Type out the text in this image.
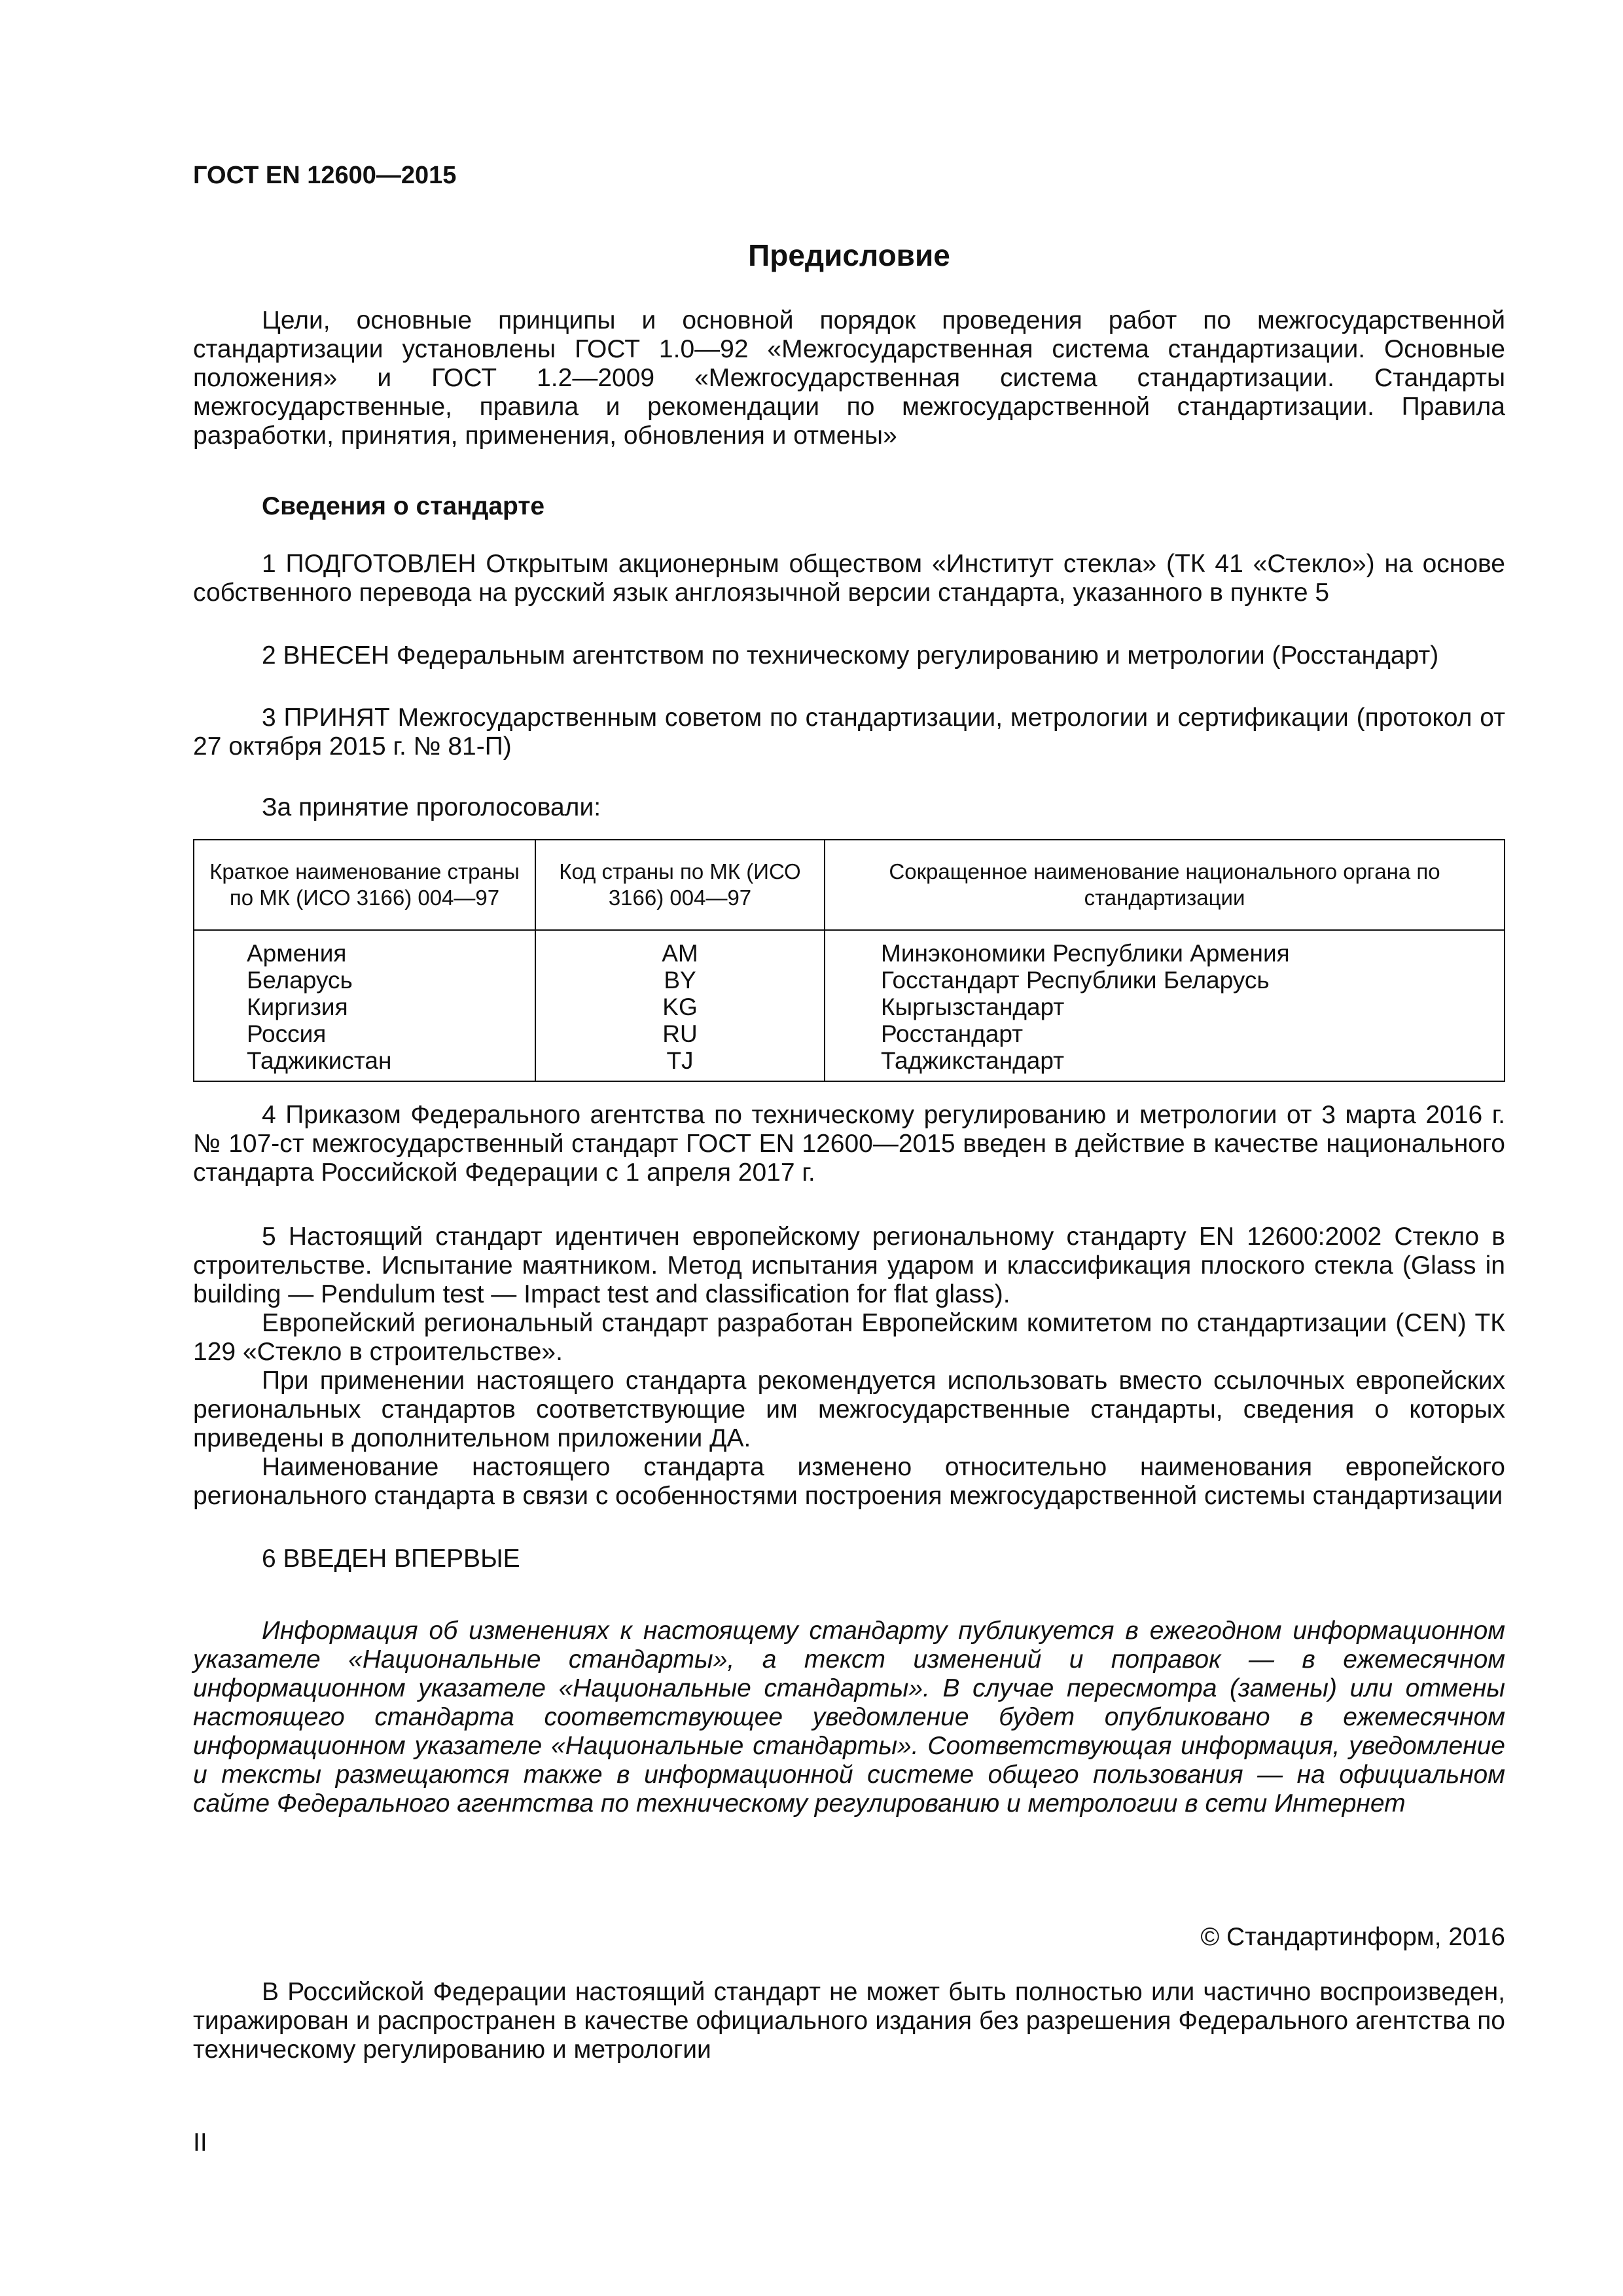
ГОСТ EN 12600—2015
Предисловие

Цели, основные принципы и основной порядок проведения работ по межгосударственной стандартизации установлены ГОСТ 1.0—92 «Межгосударственная система стандартизации. Основные положения» и ГОСТ 1.2—2009 «Межгосударственная система стандартизации. Стандарты межгосударственные, правила и рекомендации по межгосударственной стандартизации. Правила разработки, принятия, применения, обновления и отмены»

Сведения о стандарте

1 ПОДГОТОВЛЕН Открытым акционерным обществом «Институт стекла» (ТК 41 «Стекло») на основе собственного перевода на русский язык англоязычной версии стандарта, указанного в пункте 5

2 ВНЕСЕН Федеральным агентством по техническому регулированию и метрологии (Росстандарт)

3 ПРИНЯТ Межгосударственным советом по стандартизации, метрологии и сертификации (протокол от 27 октября 2015 г. № 81-П)

За принятие проголосовали:
Краткое наименование страны по МК (ИСО 3166) 004—97	Код страны по МК (ИСО 3166) 004—97	Сокращенное наименование национального органа по стандартизации
Армения	AM	Минэкономики Республики Армения
Беларусь	BY	Госстандарт Республики Беларусь
Киргизия	KG	Кыргызстандарт
Россия	RU	Росстандарт
Таджикистан	TJ	Таджикстандарт

4 Приказом Федерального агентства по техническому регулированию и метрологии от 3 марта 2016 г. № 107-ст межгосударственный стандарт ГОСТ EN 12600—2015 введен в действие в качестве национального стандарта Российской Федерации с 1 апреля 2017 г.

5 Настоящий стандарт идентичен европейскому региональному стандарту EN 12600:2002 Стекло в строительстве. Испытание маятником. Метод испытания ударом и классификация плоского стекла (Glass in building — Pendulum test — Impact test and classification for flat glass).

Европейский региональный стандарт разработан Европейским комитетом по стандартизации (CEN) ТК 129 «Стекло в строительстве».

При применении настоящего стандарта рекомендуется использовать вместо ссылочных европейских региональных стандартов соответствующие им межгосударственные стандарты, сведения о которых приведены в дополнительном приложении ДА.

Наименование настоящего стандарта изменено относительно наименования европейского регионального стандарта в связи с особенностями построения межгосударственной системы стандартизации

6 ВВЕДЕН ВПЕРВЫЕ

Информация об изменениях к настоящему стандарту публикуется в ежегодном информационном указателе «Национальные стандарты», а текст изменений и поправок — в ежемесячном информационном указателе «Национальные стандарты». В случае пересмотра (замены) или отмены настоящего стандарта соответствующее уведомление будет опубликовано в ежемесячном информационном указателе «Национальные стандарты». Соответствующая информация, уведомление и тексты размещаются также в информационной системе общего пользования — на официальном сайте Федерального агентства по техническому регулированию и метрологии в сети Интернет

© Стандартинформ, 2016

В Российской Федерации настоящий стандарт не может быть полностью или частично воспроизведен, тиражирован и распространен в качестве официального издания без разрешения Федерального агентства по техническому регулированию и метрологии

II
